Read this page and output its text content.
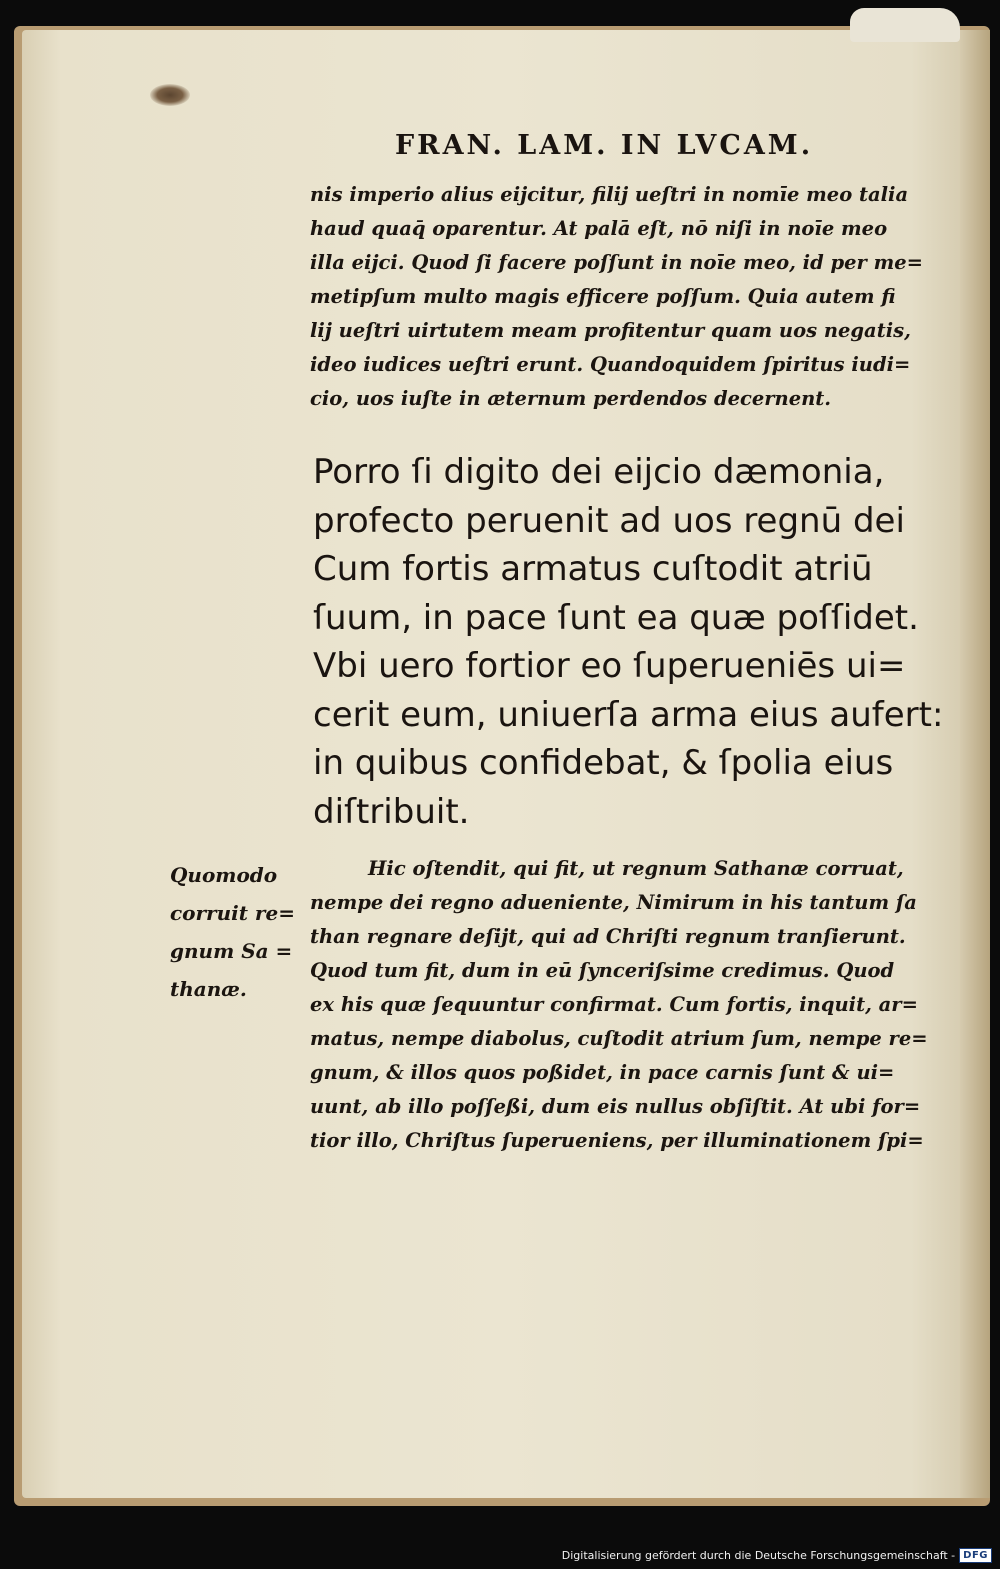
FRAN. LAM. IN LVCAM.
nis imperio alius eijcitur, filij ueſtri in nomīe meo talia
haud quaq̄ oparentur. At palā eſt, nō niſi in noīe meo
illa eijci. Quod ſi facere poſſunt in noīe meo, id per me=
metipſum multo magis efficere poſſum. Quia autem fi
lij ueſtri uirtutem meam profitentur quam uos negatis,
ideo iudices ueſtri erunt. Quandoquidem ſpiritus iudi=
cio, uos iuſte in æternum perdendos decernent.
Porro ſi digito dei eijcio dæmonia,
profecto peruenit ad uos regnū dei
Cum fortis armatus cuſtodit atriū
ſuum, in pace ſunt ea quæ poſſidet.
Vbi uero fortior eo ſuperueniēs ui=
cerit eum, uniuerſa arma eius aufert:
in quibus confidebat, & ſpolia eius
diſtribuit.
Quomodo
corruit re=
gnum Sa =
thanæ.
Hic oſtendit, qui fit, ut regnum Sathanæ corruat,
nempe dei regno adueniente, Nimirum in his tantum ſa
than regnare deſijt, qui ad Chriſti regnum tranſierunt.
Quod tum fit, dum in eū ſynceriſsime credimus. Quod
ex his quæ ſequuntur confirmat. Cum fortis, inquit, ar=
matus, nempe diabolus, cuſtodit atrium ſum, nempe re=
gnum, & illos quos poßidet, in pace carnis ſunt & ui=
uunt, ab illo poſſeßi, dum eis nullus obſiſtit. At ubi for=
tior illo, Chriſtus ſuperueniens, per illuminationem ſpi=
Digitalisierung gefördert durch die Deutsche Forschungsgemeinschaft - DFG
